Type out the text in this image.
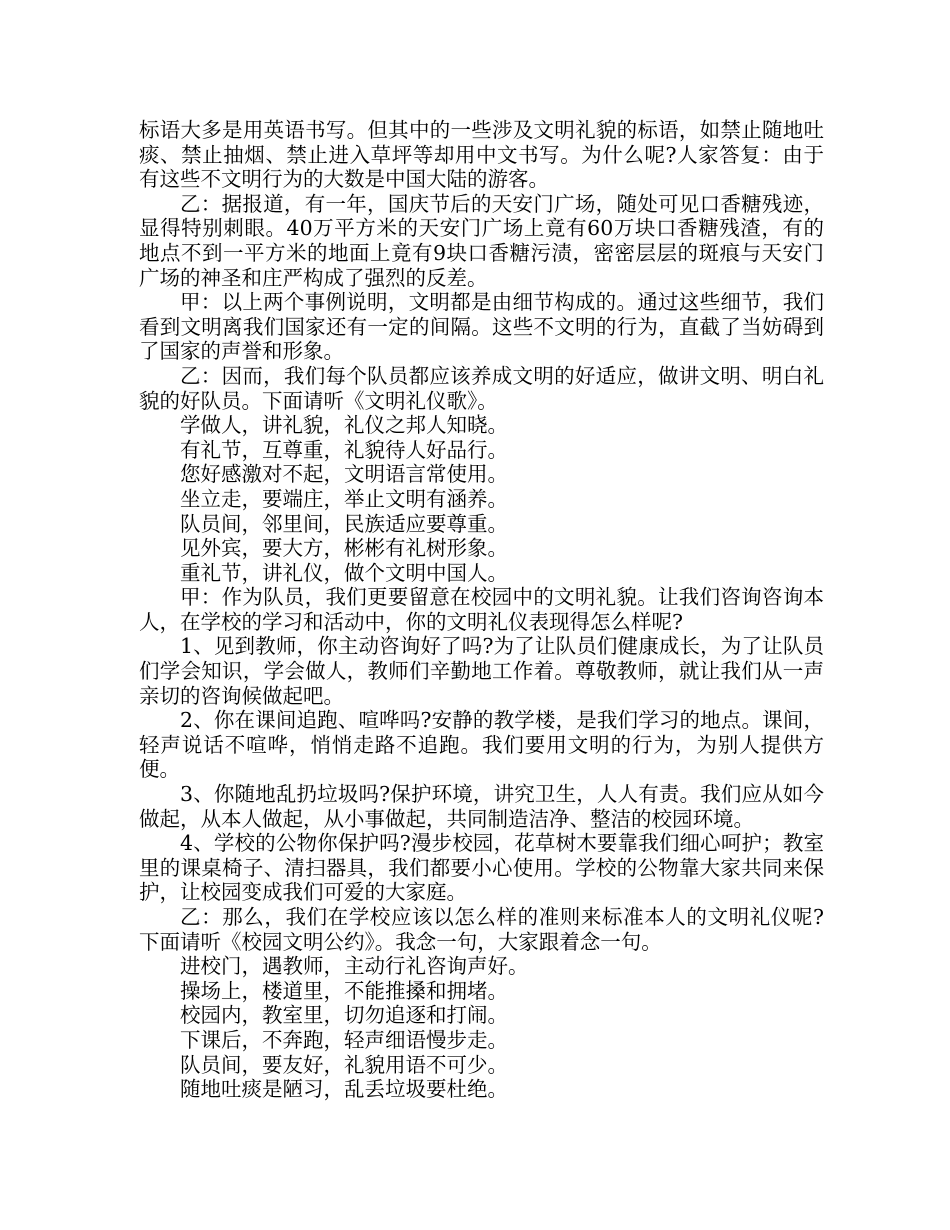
标语大多是用英语书写。但其中的一些涉及文明礼貌的标语，如禁止随地吐痰、禁止抽烟、禁止进入草坪等却用中文书写。为什么呢?人家答复：由于有这些不文明行为的大数是中国大陆的游客。

乙：据报道，有一年，国庆节后的天安门广场，随处可见口香糖残迹，显得特别刺眼。40万平方米的天安门广场上竟有60万块口香糖残渣，有的地点不到一平方米的地面上竟有9块口香糖污渍，密密层层的斑痕与天安门广场的神圣和庄严构成了强烈的反差。

甲：以上两个事例说明，文明都是由细节构成的。通过这些细节，我们看到文明离我们国家还有一定的间隔。这些不文明的行为，直截了当妨碍到了国家的声誉和形象。

乙：因而，我们每个队员都应该养成文明的好适应，做讲文明、明白礼貌的好队员。下面请听《文明礼仪歌》。

学做人，讲礼貌，礼仪之邦人知晓。

有礼节，互尊重，礼貌待人好品行。

您好感激对不起，文明语言常使用。

坐立走，要端庄，举止文明有涵养。

队员间，邻里间，民族适应要尊重。

见外宾，要大方，彬彬有礼树形象。

重礼节，讲礼仪，做个文明中国人。

甲：作为队员，我们更要留意在校园中的文明礼貌。让我们咨询咨询本人，在学校的学习和活动中，你的文明礼仪表现得怎么样呢?

1、见到教师，你主动咨询好了吗?为了让队员们健康成长，为了让队员们学会知识，学会做人，教师们辛勤地工作着。尊敬教师，就让我们从一声亲切的咨询候做起吧。

2、你在课间追跑、喧哗吗?安静的教学楼，是我们学习的地点。课间，轻声说话不喧哗，悄悄走路不追跑。我们要用文明的行为，为别人提供方便。

3、你随地乱扔垃圾吗?保护环境，讲究卫生，人人有责。我们应从如今做起，从本人做起，从小事做起，共同制造洁净、整洁的校园环境。

4、学校的公物你保护吗?漫步校园，花草树木要靠我们细心呵护；教室里的课桌椅子、清扫器具，我们都要小心使用。学校的公物靠大家共同来保护，让校园变成我们可爱的大家庭。

乙：那么，我们在学校应该以怎么样的准则来标准本人的文明礼仪呢?下面请听《校园文明公约》。我念一句，大家跟着念一句。

进校门，遇教师，主动行礼咨询声好。

操场上，楼道里，不能推搡和拥堵。

校园内，教室里，切勿追逐和打闹。

下课后，不奔跑，轻声细语慢步走。

队员间，要友好，礼貌用语不可少。

随地吐痰是陋习，乱丢垃圾要杜绝。
